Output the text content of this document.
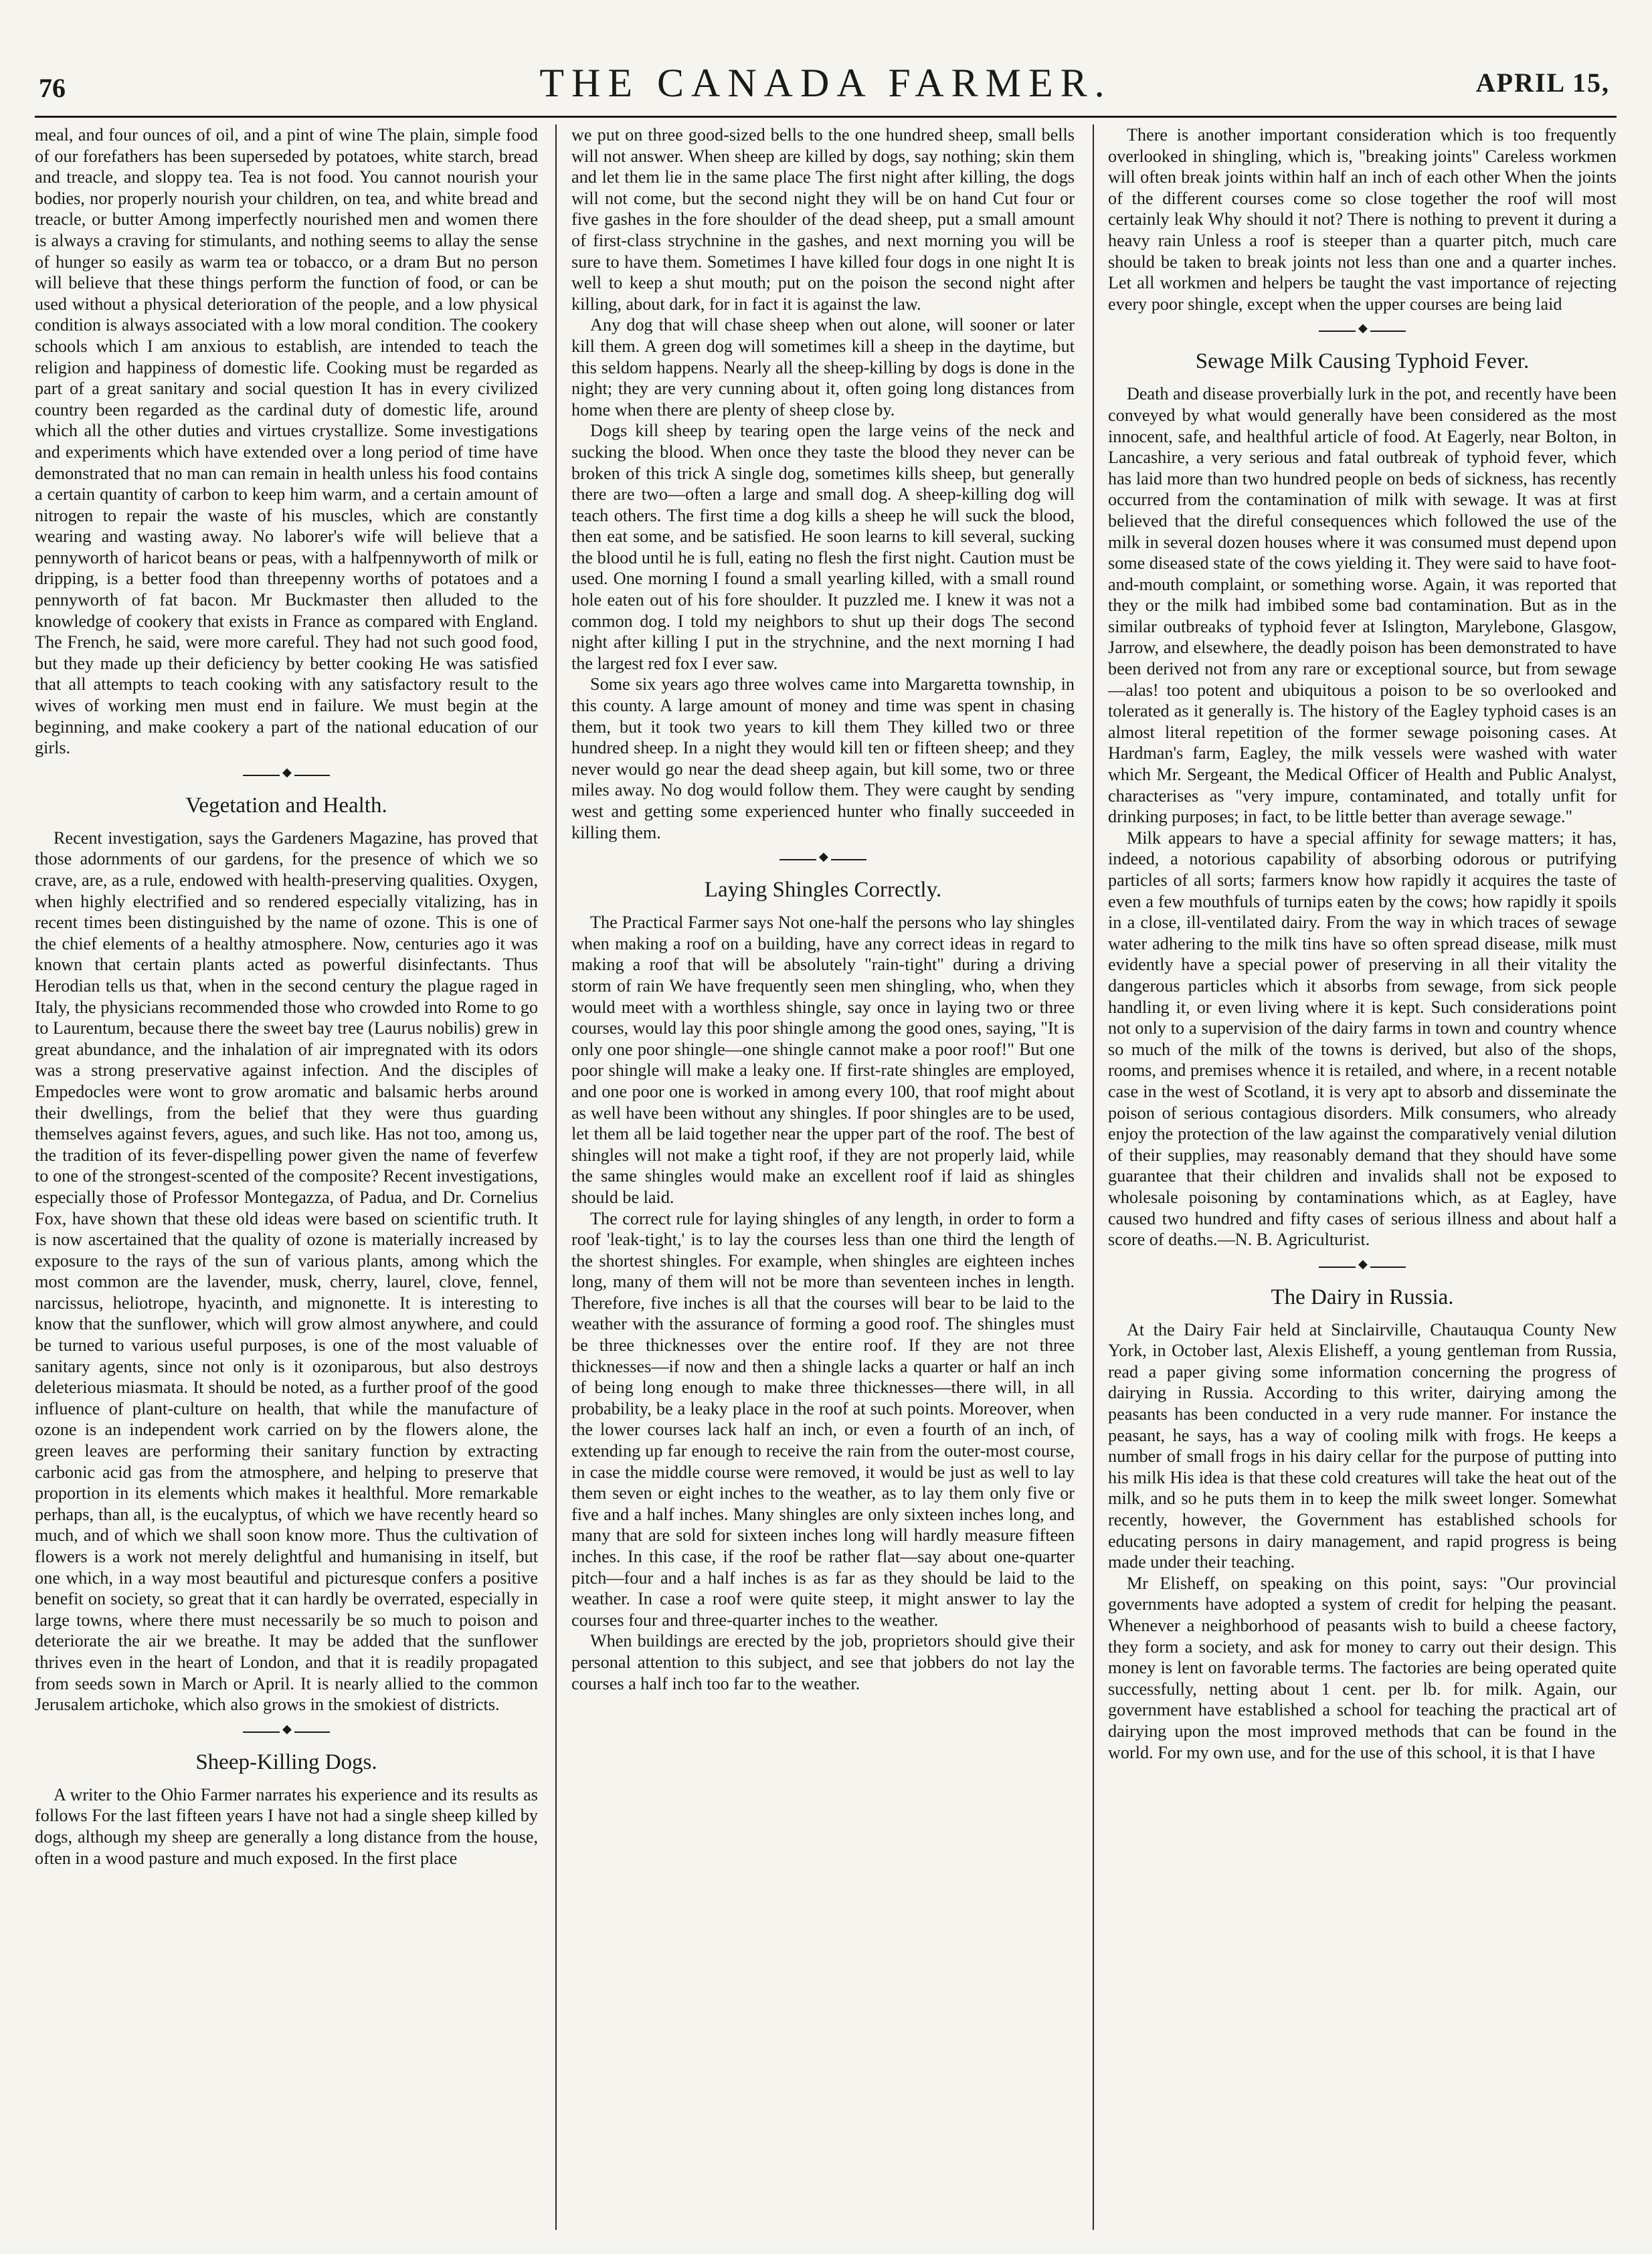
76	THE CANADA FARMER.	APRIL 15,

meal, and four ounces of oil, and a pint of wine The plain, simple food of our forefathers has been superseded by potatoes, white starch, bread and treacle, and sloppy tea. Tea is not food. You cannot nourish your bodies, nor properly nourish your children, on tea, and white bread and treacle, or butter Among imperfectly nourished men and women there is always a craving for stimulants, and nothing seems to allay the sense of hunger so easily as warm tea or tobacco, or a dram But no person will believe that these things perform the function of food, or can be used without a physical deterioration of the people, and a low physical condition is always associated with a low moral condition. The cookery schools which I am anxious to establish, are intended to teach the religion and happiness of domestic life. Cooking must be regarded as part of a great sanitary and social question It has in every civilized country been regarded as the cardinal duty of domestic life, around which all the other duties and virtues crystallize. Some investigations and experiments which have extended over a long period of time have demonstrated that no man can remain in health unless his food contains a certain quantity of carbon to keep him warm, and a certain amount of nitrogen to repair the waste of his muscles, which are constantly wearing and wasting away. No laborer's wife will believe that a pennyworth of haricot beans or peas, with a halfpennyworth of milk or dripping, is a better food than threepenny worths of potatoes and a pennyworth of fat bacon. Mr Buckmaster then alluded to the knowledge of cookery that exists in France as compared with England. The French, he said, were more careful. They had not such good food, but they made up their deficiency by better cooking He was satisfied that all attempts to teach cooking with any satisfactory result to the wives of working men must end in failure. We must begin at the beginning, and make cookery a part of the national education of our girls.

◆
Vegetation and Health.

Recent investigation, says the Gardeners Magazine, has proved that those adornments of our gardens, for the presence of which we so crave, are, as a rule, endowed with health-preserving qualities. Oxygen, when highly electrified and so rendered especially vitalizing, has in recent times been distinguished by the name of ozone. This is one of the chief elements of a healthy atmosphere. Now, centuries ago it was known that certain plants acted as powerful disinfectants. Thus Herodian tells us that, when in the second century the plague raged in Italy, the physicians recommended those who crowded into Rome to go to Laurentum, because there the sweet bay tree (Laurus nobilis) grew in great abundance, and the inhalation of air impregnated with its odors was a strong preservative against infection. And the disciples of Empedocles were wont to grow aromatic and balsamic herbs around their dwellings, from the belief that they were thus guarding themselves against fevers, agues, and such like. Has not too, among us, the tradition of its fever-dispelling power given the name of feverfew to one of the strongest-scented of the composite? Recent investigations, especially those of Professor Montegazza, of Padua, and Dr. Cornelius Fox, have shown that these old ideas were based on scientific truth. It is now ascertained that the quality of ozone is materially increased by exposure to the rays of the sun of various plants, among which the most common are the lavender, musk, cherry, laurel, clove, fennel, narcissus, heliotrope, hyacinth, and mignonette. It is interesting to know that the sunflower, which will grow almost anywhere, and could be turned to various useful purposes, is one of the most valuable of sanitary agents, since not only is it ozoniparous, but also destroys deleterious miasmata. It should be noted, as a further proof of the good influence of plant-culture on health, that while the manufacture of ozone is an independent work carried on by the flowers alone, the green leaves are performing their sanitary function by extracting carbonic acid gas from the atmosphere, and helping to preserve that proportion in its elements which makes it healthful. More remarkable perhaps, than all, is the eucalyptus, of which we have recently heard so much, and of which we shall soon know more. Thus the cultivation of flowers is a work not merely delightful and humanising in itself, but one which, in a way most beautiful and picturesque confers a positive benefit on society, so great that it can hardly be overrated, especially in large towns, where there must necessarily be so much to poison and deteriorate the air we breathe. It may be added that the sunflower thrives even in the heart of London, and that it is readily propagated from seeds sown in March or April. It is nearly allied to the common Jerusalem artichoke, which also grows in the smokiest of districts.

◆
Sheep-Killing Dogs.

A writer to the Ohio Farmer narrates his experience and its results as follows For the last fifteen years I have not had a single sheep killed by dogs, although my sheep are generally a long distance from the house, often in a wood pasture and much exposed. In the first place

we put on three good-sized bells to the one hundred sheep, small bells will not answer. When sheep are killed by dogs, say nothing; skin them and let them lie in the same place The first night after killing, the dogs will not come, but the second night they will be on hand Cut four or five gashes in the fore shoulder of the dead sheep, put a small amount of first-class strychnine in the gashes, and next morning you will be sure to have them. Sometimes I have killed four dogs in one night It is well to keep a shut mouth; put on the poison the second night after killing, about dark, for in fact it is against the law.

Any dog that will chase sheep when out alone, will sooner or later kill them. A green dog will sometimes kill a sheep in the daytime, but this seldom happens. Nearly all the sheep-killing by dogs is done in the night; they are very cunning about it, often going long distances from home when there are plenty of sheep close by.

Dogs kill sheep by tearing open the large veins of the neck and sucking the blood. When once they taste the blood they never can be broken of this trick A single dog, sometimes kills sheep, but generally there are two—often a large and small dog. A sheep-killing dog will teach others. The first time a dog kills a sheep he will suck the blood, then eat some, and be satisfied. He soon learns to kill several, sucking the blood until he is full, eating no flesh the first night. Caution must be used. One morning I found a small yearling killed, with a small round hole eaten out of his fore shoulder. It puzzled me. I knew it was not a common dog. I told my neighbors to shut up their dogs The second night after killing I put in the strychnine, and the next morning I had the largest red fox I ever saw.

Some six years ago three wolves came into Margaretta township, in this county. A large amount of money and time was spent in chasing them, but it took two years to kill them They killed two or three hundred sheep. In a night they would kill ten or fifteen sheep; and they never would go near the dead sheep again, but kill some, two or three miles away. No dog would follow them. They were caught by sending west and getting some experienced hunter who finally succeeded in killing them.

◆
Laying Shingles Correctly.

The Practical Farmer says Not one-half the persons who lay shingles when making a roof on a building, have any correct ideas in regard to making a roof that will be absolutely "rain-tight" during a driving storm of rain We have frequently seen men shingling, who, when they would meet with a worthless shingle, say once in laying two or three courses, would lay this poor shingle among the good ones, saying, "It is only one poor shingle—one shingle cannot make a poor roof!" But one poor shingle will make a leaky one. If first-rate shingles are employed, and one poor one is worked in among every 100, that roof might about as well have been without any shingles. If poor shingles are to be used, let them all be laid together near the upper part of the roof. The best of shingles will not make a tight roof, if they are not properly laid, while the same shingles would make an excellent roof if laid as shingles should be laid.

The correct rule for laying shingles of any length, in order to form a roof 'leak-tight,' is to lay the courses less than one third the length of the shortest shingles. For example, when shingles are eighteen inches long, many of them will not be more than seventeen inches in length. Therefore, five inches is all that the courses will bear to be laid to the weather with the assurance of forming a good roof. The shingles must be three thicknesses over the entire roof. If they are not three thicknesses—if now and then a shingle lacks a quarter or half an inch of being long enough to make three thicknesses—there will, in all probability, be a leaky place in the roof at such points. Moreover, when the lower courses lack half an inch, or even a fourth of an inch, of extending up far enough to receive the rain from the outer-most course, in case the middle course were removed, it would be just as well to lay them seven or eight inches to the weather, as to lay them only five or five and a half inches. Many shingles are only sixteen inches long, and many that are sold for sixteen inches long will hardly measure fifteen inches. In this case, if the roof be rather flat—say about one-quarter pitch—four and a half inches is as far as they should be laid to the weather. In case a roof were quite steep, it might answer to lay the courses four and three-quarter inches to the weather.

When buildings are erected by the job, proprietors should give their personal attention to this subject, and see that jobbers do not lay the courses a half inch too far to the weather.

There is another important consideration which is too frequently overlooked in shingling, which is, "breaking joints" Careless workmen will often break joints within half an inch of each other When the joints of the different courses come so close together the roof will most certainly leak Why should it not? There is nothing to prevent it during a heavy rain Unless a roof is steeper than a quarter pitch, much care should be taken to break joints not less than one and a quarter inches. Let all workmen and helpers be taught the vast importance of rejecting every poor shingle, except when the upper courses are being laid

◆
Sewage Milk Causing Typhoid Fever.

Death and disease proverbially lurk in the pot, and recently have been conveyed by what would generally have been considered as the most innocent, safe, and healthful article of food. At Eagerly, near Bolton, in Lancashire, a very serious and fatal outbreak of typhoid fever, which has laid more than two hundred people on beds of sickness, has recently occurred from the contamination of milk with sewage. It was at first believed that the direful consequences which followed the use of the milk in several dozen houses where it was consumed must depend upon some diseased state of the cows yielding it. They were said to have foot-and-mouth complaint, or something worse. Again, it was reported that they or the milk had imbibed some bad contamination. But as in the similar outbreaks of typhoid fever at Islington, Marylebone, Glasgow, Jarrow, and elsewhere, the deadly poison has been demonstrated to have been derived not from any rare or exceptional source, but from sewage—alas! too potent and ubiquitous a poison to be so overlooked and tolerated as it generally is. The history of the Eagley typhoid cases is an almost literal repetition of the former sewage poisoning cases. At Hardman's farm, Eagley, the milk vessels were washed with water which Mr. Sergeant, the Medical Officer of Health and Public Analyst, characterises as "very impure, contaminated, and totally unfit for drinking purposes; in fact, to be little better than average sewage."

Milk appears to have a special affinity for sewage matters; it has, indeed, a notorious capability of absorbing odorous or putrifying particles of all sorts; farmers know how rapidly it acquires the taste of even a few mouthfuls of turnips eaten by the cows; how rapidly it spoils in a close, ill-ventilated dairy. From the way in which traces of sewage water adhering to the milk tins have so often spread disease, milk must evidently have a special power of preserving in all their vitality the dangerous particles which it absorbs from sewage, from sick people handling it, or even living where it is kept. Such considerations point not only to a supervision of the dairy farms in town and country whence so much of the milk of the towns is derived, but also of the shops, rooms, and premises whence it is retailed, and where, in a recent notable case in the west of Scotland, it is very apt to absorb and disseminate the poison of serious contagious disorders. Milk consumers, who already enjoy the protection of the law against the comparatively venial dilution of their supplies, may reasonably demand that they should have some guarantee that their children and invalids shall not be exposed to wholesale poisoning by contaminations which, as at Eagley, have caused two hundred and fifty cases of serious illness and about half a score of deaths.—N. B. Agriculturist.

◆
The Dairy in Russia.

At the Dairy Fair held at Sinclairville, Chautauqua County New York, in October last, Alexis Elisheff, a young gentleman from Russia, read a paper giving some information concerning the progress of dairying in Russia. According to this writer, dairying among the peasants has been conducted in a very rude manner. For instance the peasant, he says, has a way of cooling milk with frogs. He keeps a number of small frogs in his dairy cellar for the purpose of putting into his milk His idea is that these cold creatures will take the heat out of the milk, and so he puts them in to keep the milk sweet longer. Somewhat recently, however, the Government has established schools for educating persons in dairy management, and rapid progress is being made under their teaching.

Mr Elisheff, on speaking on this point, says: "Our provincial governments have adopted a system of credit for helping the peasant. Whenever a neighborhood of peasants wish to build a cheese factory, they form a society, and ask for money to carry out their design. This money is lent on favorable terms. The factories are being operated quite successfully, netting about 1 cent. per lb. for milk. Again, our government have established a school for teaching the practical art of dairying upon the most improved methods that can be found in the world. For my own use, and for the use of this school, it is that I have
